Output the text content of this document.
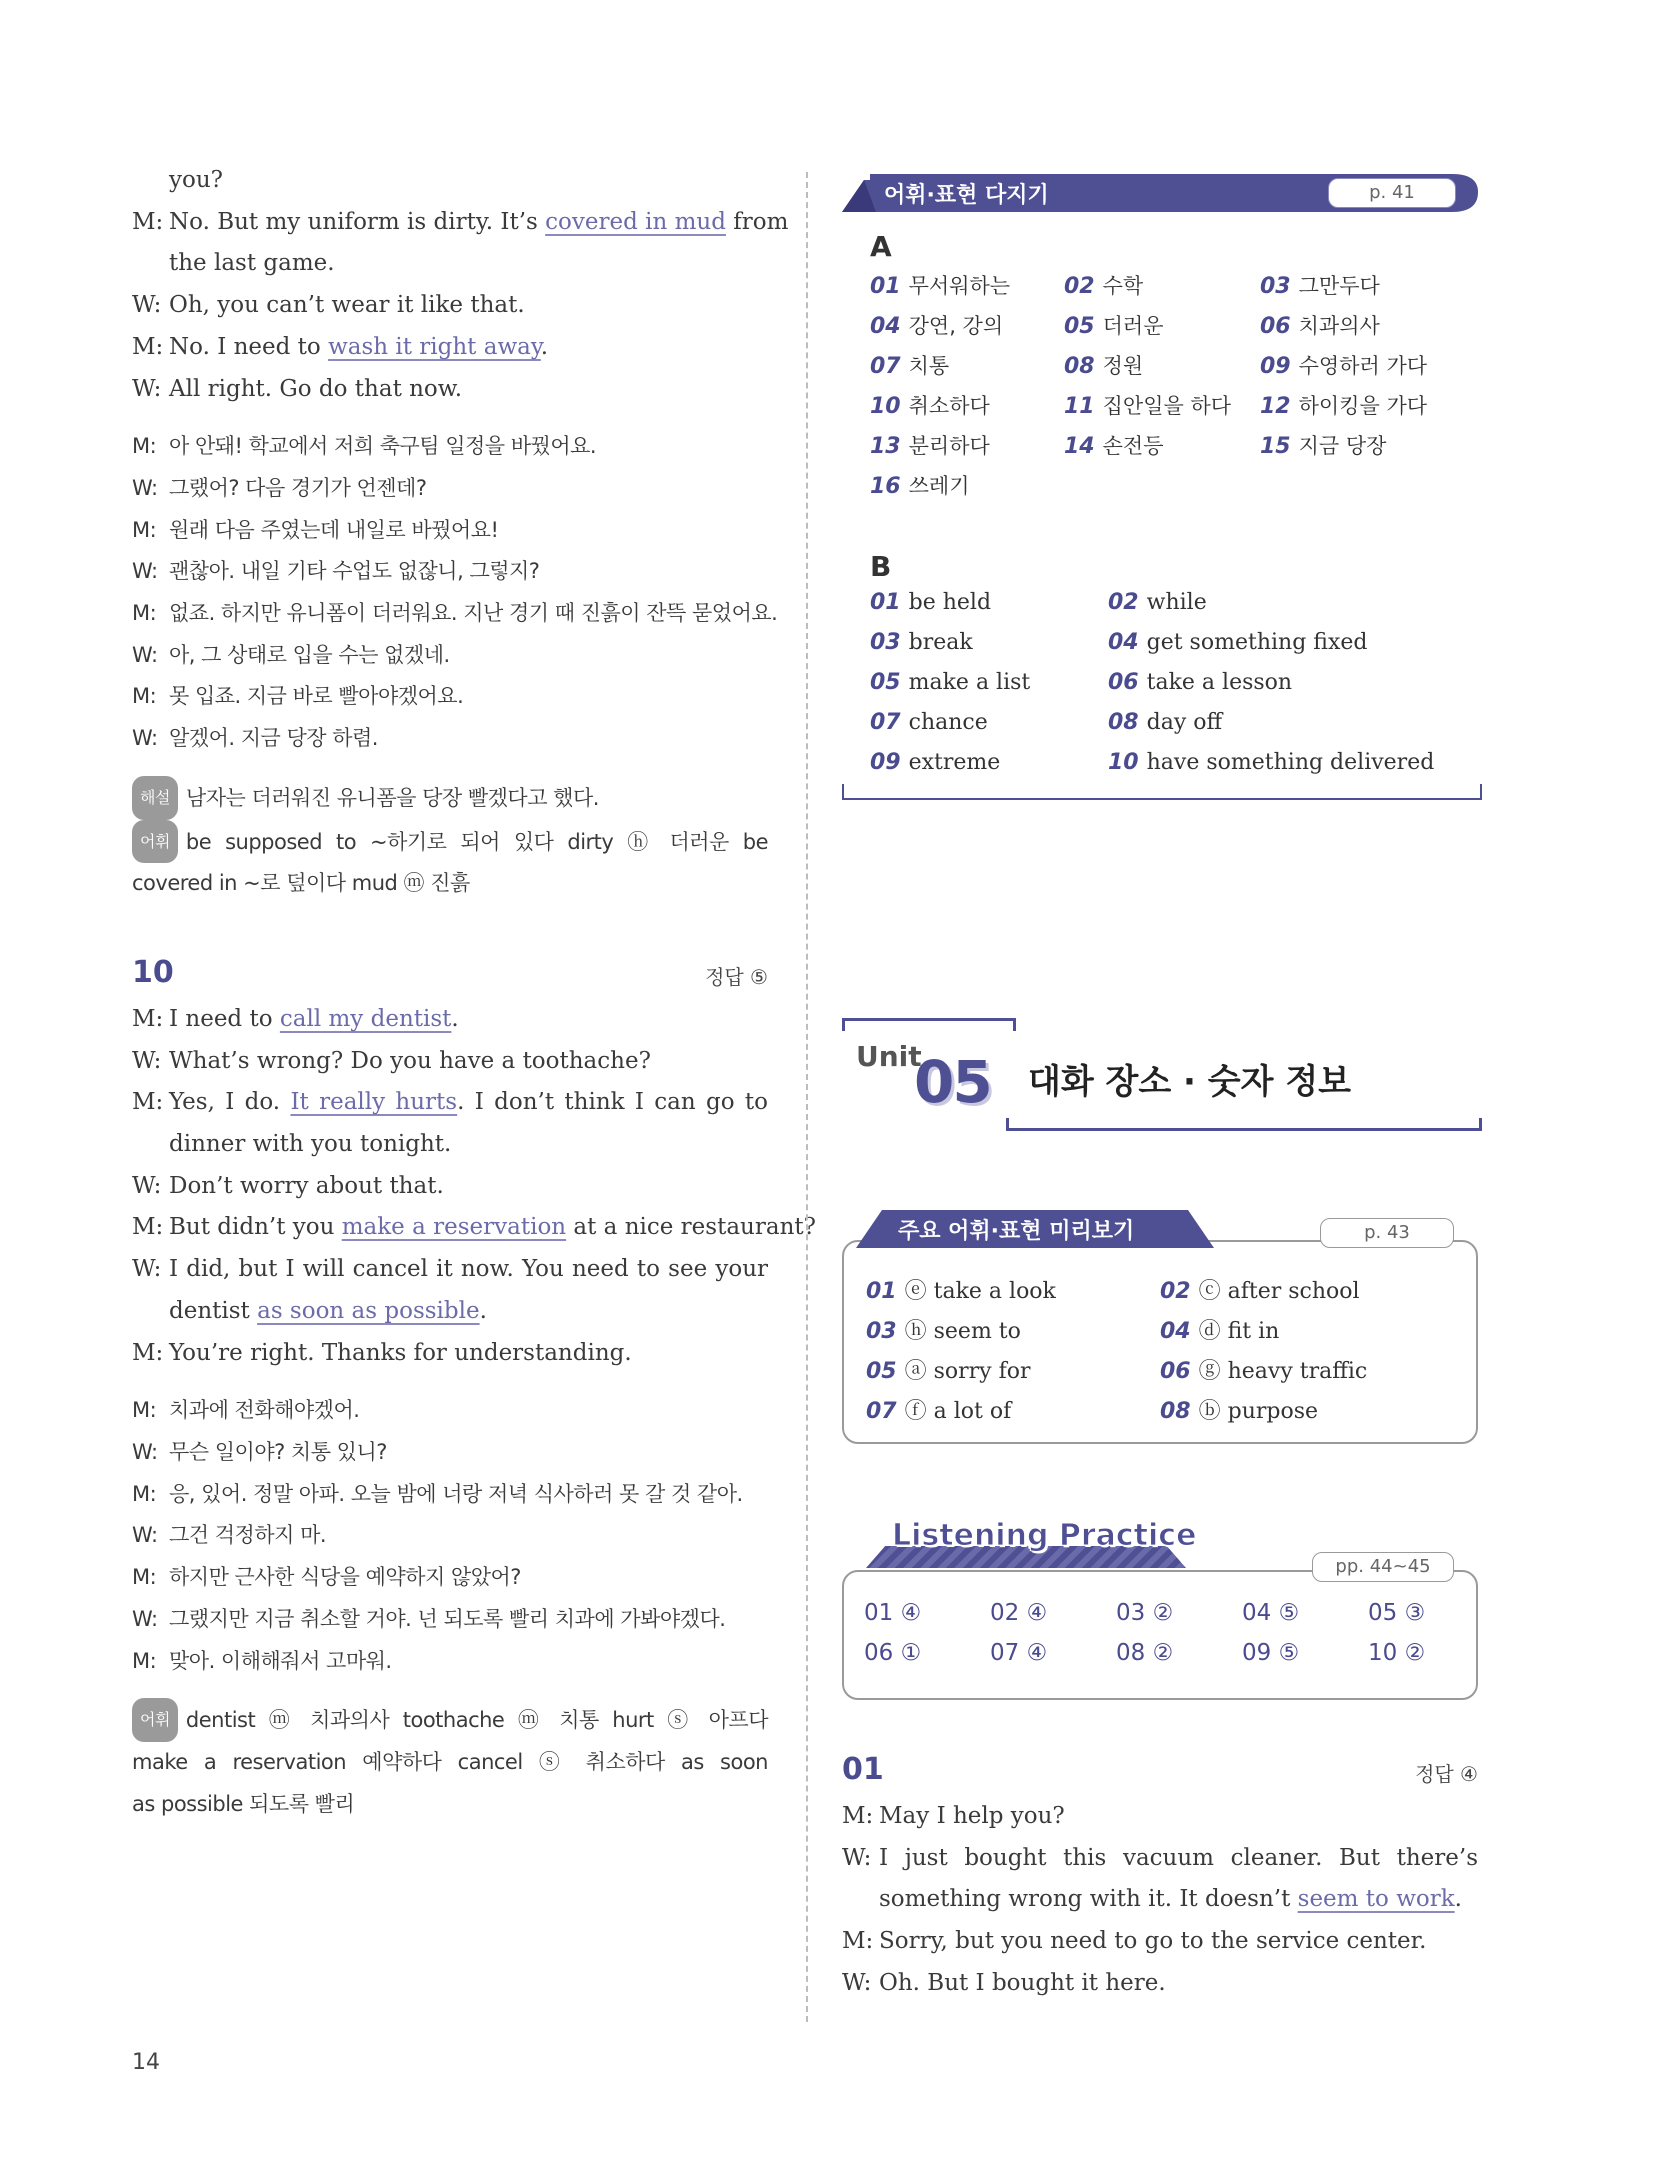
you?
M: No. But my uniform is dirty. It’s covered in mud from
the last game.
W: Oh, you can’t wear it like that.
M: No. I need to wash it right away.
W: All right. Go do that now.
M: 아 안돼! 학교에서 저희 축구팀 일정을 바꿨어요.
W: 그랬어? 다음 경기가 언젠데?
M: 원래 다음 주였는데 내일로 바꿨어요!
W: 괜찮아. 내일 기타 수업도 없잖니, 그렇지?
M: 없죠. 하지만 유니폼이 더러워요. 지난 경기 때 진흙이 잔뜩 묻었어요.
W: 아, 그 상태로 입을 수는 없겠네.
M: 못 입죠. 지금 바로 빨아야겠어요.
W: 알겠어. 지금 당장 하렴.
해설 남자는 더러워진 유니폼을 당장 빨겠다고 했다.
어휘 be supposed to ~하기로 되어 있다 dirty ⓗ 더러운 be
covered in ~로 덮이다 mud ⓜ 진흙
10	정답 ⑤
M: I need to call my dentist.
W: What’s wrong? Do you have a toothache?
M: Yes, I do. It really hurts. I don’t think I can go to
dinner with you tonight.
W: Don’t worry about that.
M: But didn’t you make a reservation at a nice restaurant?
W: I did, but I will cancel it now. You need to see your
dentist as soon as possible.
M: You’re right. Thanks for understanding.
M: 치과에 전화해야겠어.
W: 무슨 일이야? 치통 있니?
M: 응, 있어. 정말 아파. 오늘 밤에 너랑 저녁 식사하러 못 갈 것 같아.
W: 그건 걱정하지 마.
M: 하지만 근사한 식당을 예약하지 않았어?
W: 그랬지만 지금 취소할 거야. 넌 되도록 빨리 치과에 가봐야겠다.
M: 맞아. 이해해줘서 고마워.
어휘 dentist ⓜ 치과의사 toothache ⓜ 치통 hurt ⓢ 아프다
make a reservation 예약하다 cancel ⓢ 취소하다 as soon
as possible 되도록 빨리
14
어휘·표현 다지기	p. 41
A
01 무서워하는 02 수학	03 그만두다
04 강연, 강의	05 더러운	06 치과의사
07 치통	08 정원	09 수영하러 가다
10 취소하다	11 집안일을 하다 12 하이킹을 가다
13 분리하다	14 손전등	15 지금 당장
16 쓰레기
B
01 be held	02 while
03 break	04 get something fixed
05 make a list	06 take a lesson
07 chance	08 day off
09 extreme	10 have something delivered
Unit
05 대화 장소 · 숫자 정보
주요 어휘·표현 미리보기	p. 43
01 ⓔ take a look	02 ⓒ after school
03 ⓗ seem to	04 ⓓ fit in
05 ⓐ sorry for	06 ⓖ heavy traffic
07 ⓕ a lot of	08 ⓑ purpose
Listening Practice
pp. 44~45
01 ④	02 ④	03 ②	04 ⑤	05 ③
06 ①	07 ④	08 ②	09 ⑤	10 ②
01	정답 ④
M: May I help you?
W: I just bought this vacuum cleaner. But there’s
something wrong with it. It doesn’t seem to work.
M: Sorry, but you need to go to the service center.
W: Oh. But I bought it here.
